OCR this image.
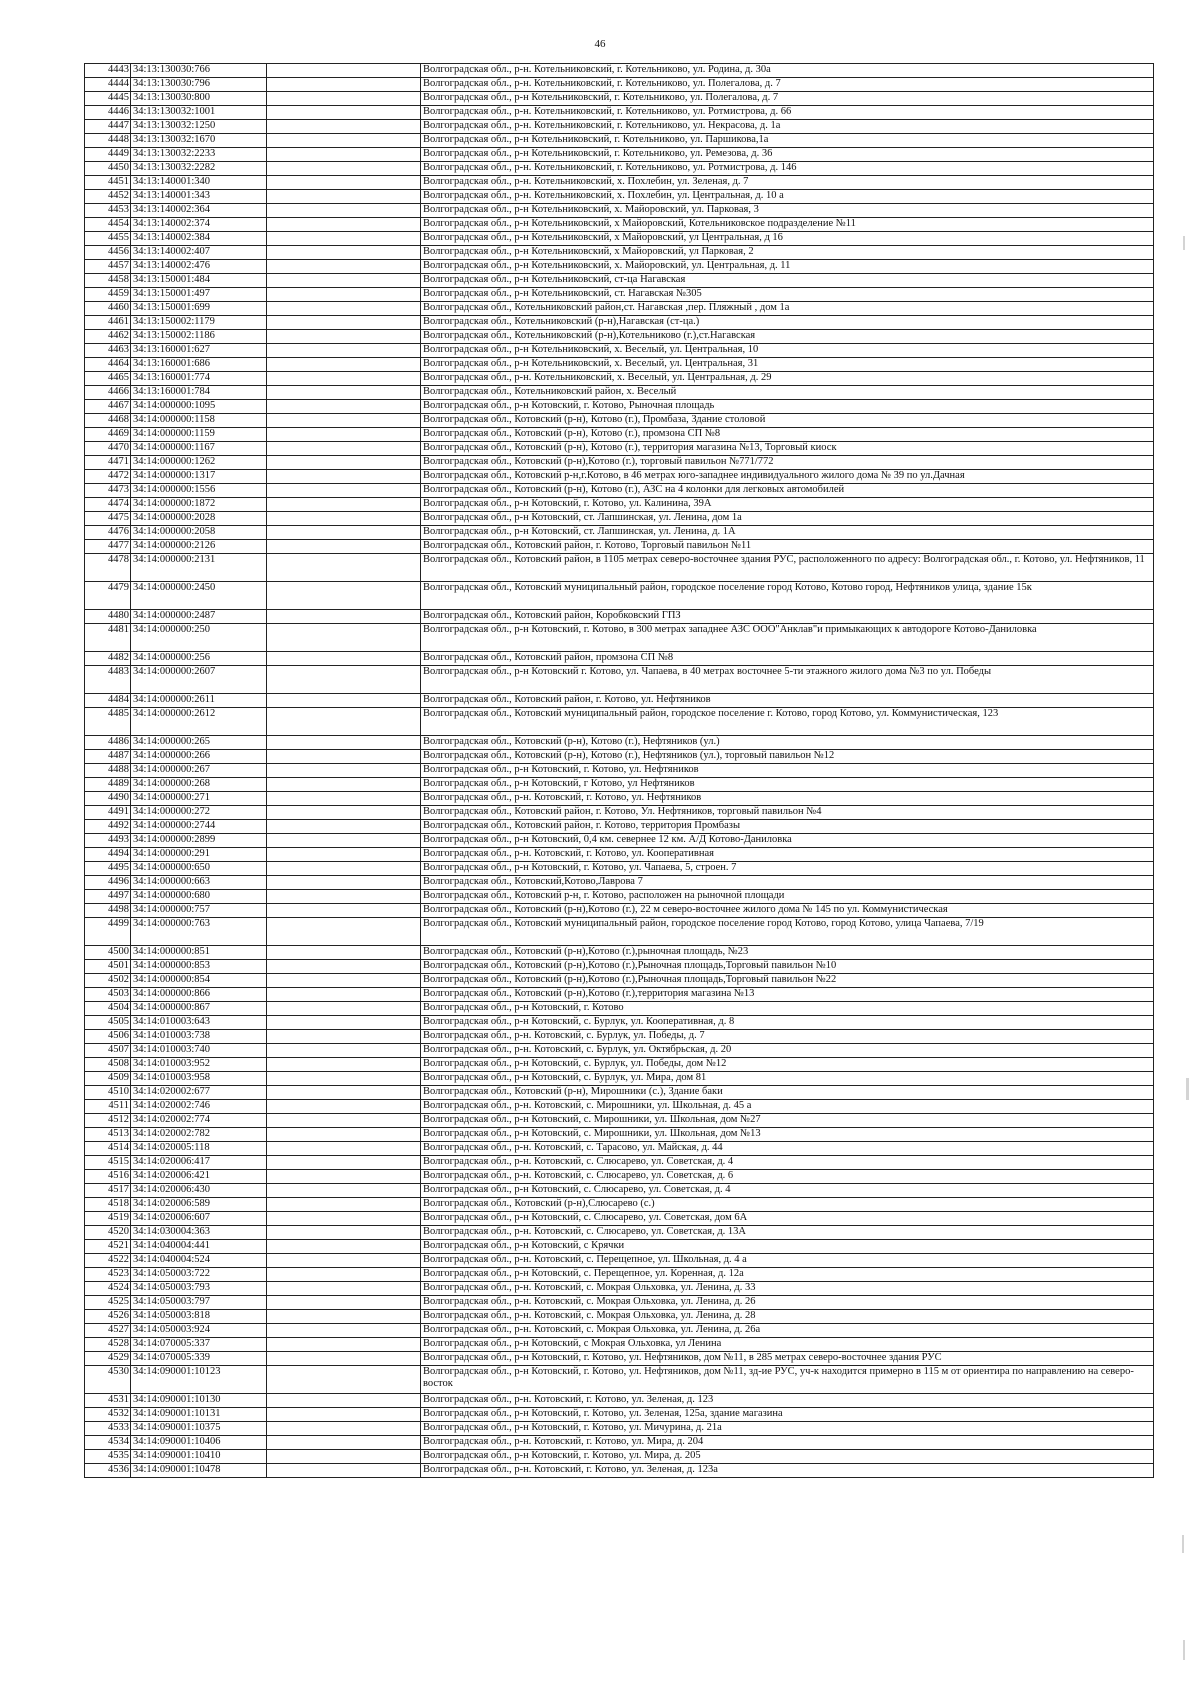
46
4443	34:13:130030:766		Волгоградская обл., р-н. Котельниковский, г. Котельниково, ул. Родина, д. 30а
4444	34:13:130030:796		Волгоградская обл., р-н. Котельниковский, г. Котельниково, ул. Полегалова, д. 7
4445	34:13:130030:800		Волгоградская обл., р-н Котельниковский, г. Котельниково, ул. Полегалова, д. 7
4446	34:13:130032:1001		Волгоградская обл., р-н. Котельниковский, г. Котельниково, ул. Ротмистрова, д. 66
4447	34:13:130032:1250		Волгоградская обл., р-н. Котельниковский, г. Котельниково, ул. Некрасова, д. 1а
4448	34:13:130032:1670		Волгоградская обл., р-н Котельниковский, г. Котельниково, ул. Паршикова,1а
4449	34:13:130032:2233		Волгоградская обл., р-н Котельниковский, г. Котельниково, ул. Ремезова, д. 36
4450	34:13:130032:2282		Волгоградская обл., р-н. Котельниковский, г. Котельниково, ул. Ротмистрова, д. 146
4451	34:13:140001:340		Волгоградская обл., р-н. Котельниковский, х. Похлебин, ул. Зеленая, д. 7
4452	34:13:140001:343		Волгоградская обл., р-н. Котельниковский, х. Похлебин, ул. Центральная, д. 10 а
4453	34:13:140002:364		Волгоградская обл., р-н Котельниковский, х. Майоровский, ул. Парковая, 3
4454	34:13:140002:374		Волгоградская обл., р-н Котельниковский, х Майоровский, Котельниковское подразделение №11
4455	34:13:140002:384		Волгоградская обл., р-н Котельниковский, х Майоровский, ул Центральная, д 16
4456	34:13:140002:407		Волгоградская обл., р-н Котельниковский, х Майоровский, ул Парковая, 2
4457	34:13:140002:476		Волгоградская обл., р-н Котельниковский, х. Майоровский, ул. Центральная, д. 11
4458	34:13:150001:484		Волгоградская обл., р-н Котельниковский, ст-ца Нагавская
4459	34:13:150001:497		Волгоградская обл., р-н Котельниковский, ст. Нагавская №305
4460	34:13:150001:699		Волгоградская обл., Котельниковский район,ст. Нагавская ,пер. Пляжный , дом 1а
4461	34:13:150002:1179		Волгоградская обл., Котельниковский (р-н),Нагавская (ст-ца.)
4462	34:13:150002:1186		Волгоградская обл., Котельниковский (р-н),Котельниково (г.),ст.Нагавская
4463	34:13:160001:627		Волгоградская обл., р-н Котельниковский, х. Веселый, ул. Центральная, 10
4464	34:13:160001:686		Волгоградская обл., р-н Котельниковский, х. Веселый, ул. Центральная, 31
4465	34:13:160001:774		Волгоградская обл., р-н. Котельниковский, х. Веселый, ул. Центральная, д. 29
4466	34:13:160001:784		Волгоградская обл., Котельниковский район, х. Веселый
4467	34:14:000000:1095		Волгоградская обл., р-н Котовский, г. Котово, Рыночная площадь
4468	34:14:000000:1158		Волгоградская обл., Котовский (р-н), Котово (г.), Промбаза, Здание столовой
4469	34:14:000000:1159		Волгоградская обл., Котовский (р-н), Котово (г.), промзона СП №8
4470	34:14:000000:1167		Волгоградская обл., Котовский (р-н), Котово (г.), территория магазина №13, Торговый киоск
4471	34:14:000000:1262		Волгоградская обл., Котовский (р-н),Котово (г.), торговый павильон №771/772
4472	34:14:000000:1317		Волгоградская обл., Котовский р-н,г.Котово, в 46 метрах юго-западнее индивидуального жилого дома № 39 по ул.Дачная
4473	34:14:000000:1556		Волгоградская обл., Котовский (р-н), Котово (г.), АЗС на 4 колонки для легковых автомобилей
4474	34:14:000000:1872		Волгоградская обл., р-н Котовский, г. Котово, ул. Калинина, 39А
4475	34:14:000000:2028		Волгоградская обл., р-н Котовский, ст. Лапшинская, ул. Ленина, дом 1а
4476	34:14:000000:2058		Волгоградская обл., р-н Котовский, ст. Лапшинская, ул. Ленина, д. 1А
4477	34:14:000000:2126		Волгоградская обл., Котовский район, г. Котово, Торговый павильон №11
4478	34:14:000000:2131		Волгоградская обл., Котовский район, в 1105 метрах северо-восточнее здания РУС, расположенного по адресу: Волгоградская обл., г. Котово, ул. Нефтяников, 11
4479	34:14:000000:2450		Волгоградская обл., Котовский муниципальный район, городское поселение город Котово, Котово город, Нефтяников улица, здание 15к
4480	34:14:000000:2487		Волгоградская обл., Котовский район, Коробковский ГПЗ
4481	34:14:000000:250		Волгоградская обл., р-н Котовский, г. Котово, в 300 метрах западнее АЗС ООО"Анклав"и примыкающих к автодороге Котово-Даниловка
4482	34:14:000000:256		Волгоградская обл., Котовский район, промзона СП №8
4483	34:14:000000:2607		Волгоградская обл., р-н Котовский г. Котово, ул. Чапаева, в 40 метрах восточнее 5-ти этажного жилого дома №3 по ул. Победы
4484	34:14:000000:2611		Волгоградская обл., Котовский район, г. Котово, ул. Нефтяников
4485	34:14:000000:2612		Волгоградская обл., Котовский муниципальный район, городское поселение г. Котово, город Котово, ул. Коммунистическая, 123
4486	34:14:000000:265		Волгоградская обл., Котовский (р-н), Котово (г.), Нефтяников (ул.)
4487	34:14:000000:266		Волгоградская обл., Котовский (р-н), Котово (г.), Нефтяников (ул.), торговый павильон №12
4488	34:14:000000:267		Волгоградская обл., р-н Котовский, г. Котово, ул. Нефтяников
4489	34:14:000000:268		Волгоградская обл., р-н Котовский, г Котово, ул Нефтяников
4490	34:14:000000:271		Волгоградская обл., р-н. Котовский, г. Котово, ул. Нефтяников
4491	34:14:000000:272		Волгоградская обл., Котовский район, г. Котово, Ул. Нефтяников, торговый павильон №4
4492	34:14:000000:2744		Волгоградская обл., Котовский район, г. Котово, территория Промбазы
4493	34:14:000000:2899		Волгоградская обл., р-н Котовский, 0,4 км. севернее 12 км. А/Д Котово-Даниловка
4494	34:14:000000:291		Волгоградская обл., р-н. Котовский, г. Котово, ул. Кооперативная
4495	34:14:000000:650		Волгоградская обл., р-н Котовский, г. Котово, ул. Чапаева, 5, строен. 7
4496	34:14:000000:663		Волгоградская обл., Котовский,Котово,Лаврова 7
4497	34:14:000000:680		Волгоградская обл., Котовский р-н, г. Котово, расположен на рыночной площади
4498	34:14:000000:757		Волгоградская обл., Котовский (р-н),Котово (г.), 22 м северо-восточнее жилого дома № 145 по ул. Коммунистическая
4499	34:14:000000:763		Волгоградская обл., Котовский муниципальный район, городское поселение город Котово, город Котово, улица Чапаева, 7/19
4500	34:14:000000:851		Волгоградская обл., Котовский (р-н),Котово (г.),рыночная площадь, №23
4501	34:14:000000:853		Волгоградская обл., Котовский (р-н),Котово (г.),Рыночная площадь,Торговый павильон №10
4502	34:14:000000:854		Волгоградская обл., Котовский (р-н),Котово (г.),Рыночная площадь,Торговый павильон №22
4503	34:14:000000:866		Волгоградская обл., Котовский (р-н),Котово (г.),территория магазина №13
4504	34:14:000000:867		Волгоградская обл., р-н Котовский, г. Котово
4505	34:14:010003:643		Волгоградская обл., р-н Котовский, с. Бурлук, ул. Кооперативная, д. 8
4506	34:14:010003:738		Волгоградская обл., р-н. Котовский, с. Бурлук, ул. Победы, д. 7
4507	34:14:010003:740		Волгоградская обл., р-н. Котовский, с. Бурлук, ул. Октябрьская, д. 20
4508	34:14:010003:952		Волгоградская обл., р-н Котовский, с. Бурлук, ул. Победы, дом №12
4509	34:14:010003:958		Волгоградская обл., р-н Котовский, с. Бурлук, ул. Мира, дом 81
4510	34:14:020002:677		Волгоградская обл., Котовский (р-н), Мирошники (с.), Здание баки
4511	34:14:020002:746		Волгоградская обл., р-н. Котовский, с. Мирошники, ул. Школьная, д. 45 а
4512	34:14:020002:774		Волгоградская обл., р-н Котовский, с. Мирошники, ул. Школьная, дом №27
4513	34:14:020002:782		Волгоградская обл., р-н Котовский, с. Мирошники, ул. Школьная, дом №13
4514	34:14:020005:118		Волгоградская обл., р-н. Котовский, с. Тарасово, ул. Майская, д. 44
4515	34:14:020006:417		Волгоградская обл., р-н. Котовский, с. Слюсарево, ул. Советская, д. 4
4516	34:14:020006:421		Волгоградская обл., р-н. Котовский, с. Слюсарево, ул. Советская, д. 6
4517	34:14:020006:430		Волгоградская обл., р-н Котовский, с. Слюсарево, ул. Советская, д. 4
4518	34:14:020006:589		Волгоградская обл., Котовский (р-н),Слюсарево (с.)
4519	34:14:020006:607		Волгоградская обл., р-н Котовский, с. Слюсарево, ул. Советская, дом 6А
4520	34:14:030004:363		Волгоградская обл., р-н. Котовский, с. Слюсарево, ул. Советская, д. 13А
4521	34:14:040004:441		Волгоградская обл., р-н Котовский, с Крячки
4522	34:14:040004:524		Волгоградская обл., р-н. Котовский, с. Перещепное, ул. Школьная, д. 4 а
4523	34:14:050003:722		Волгоградская обл., р-н Котовский, с. Перещепное, ул. Коренная, д. 12а
4524	34:14:050003:793		Волгоградская обл., р-н. Котовский, с. Мокрая Ольховка, ул. Ленина, д. 33
4525	34:14:050003:797		Волгоградская обл., р-н. Котовский, с. Мокрая Ольховка, ул. Ленина, д. 26
4526	34:14:050003:818		Волгоградская обл., р-н. Котовский, с. Мокрая Ольховка, ул. Ленина, д. 28
4527	34:14:050003:924		Волгоградская обл., р-н. Котовский, с. Мокрая Ольховка, ул. Ленина, д. 26а
4528	34:14:070005:337		Волгоградская обл., р-н Котовский, с Мокрая Ольховка, ул Ленина
4529	34:14:070005:339		Волгоградская обл., р-н Котовский, г. Котово, ул. Нефтяников, дом №11, в 285 метрах северо-восточнее здания РУС
4530	34:14:090001:10123		Волгоградская обл., р-н Котовский, г. Котово, ул. Нефтяников, дом №11, зд-ие РУС, уч-к находится примерно в 115 м от ориентира по направлению на северо-восток
4531	34:14:090001:10130		Волгоградская обл., р-н. Котовский, г. Котово, ул. Зеленая, д. 123
4532	34:14:090001:10131		Волгоградская обл., р-н Котовский, г. Котово, ул. Зеленая, 125а, здание магазина
4533	34:14:090001:10375		Волгоградская обл., р-н Котовский, г. Котово, ул. Мичурина, д. 21а
4534	34:14:090001:10406		Волгоградская обл., р-н. Котовский, г. Котово, ул. Мира, д. 204
4535	34:14:090001:10410		Волгоградская обл., р-н Котовский, г. Котово, ул. Мира, д. 205
4536	34:14:090001:10478		Волгоградская обл., р-н. Котовский, г. Котово, ул. Зеленая, д. 123а
